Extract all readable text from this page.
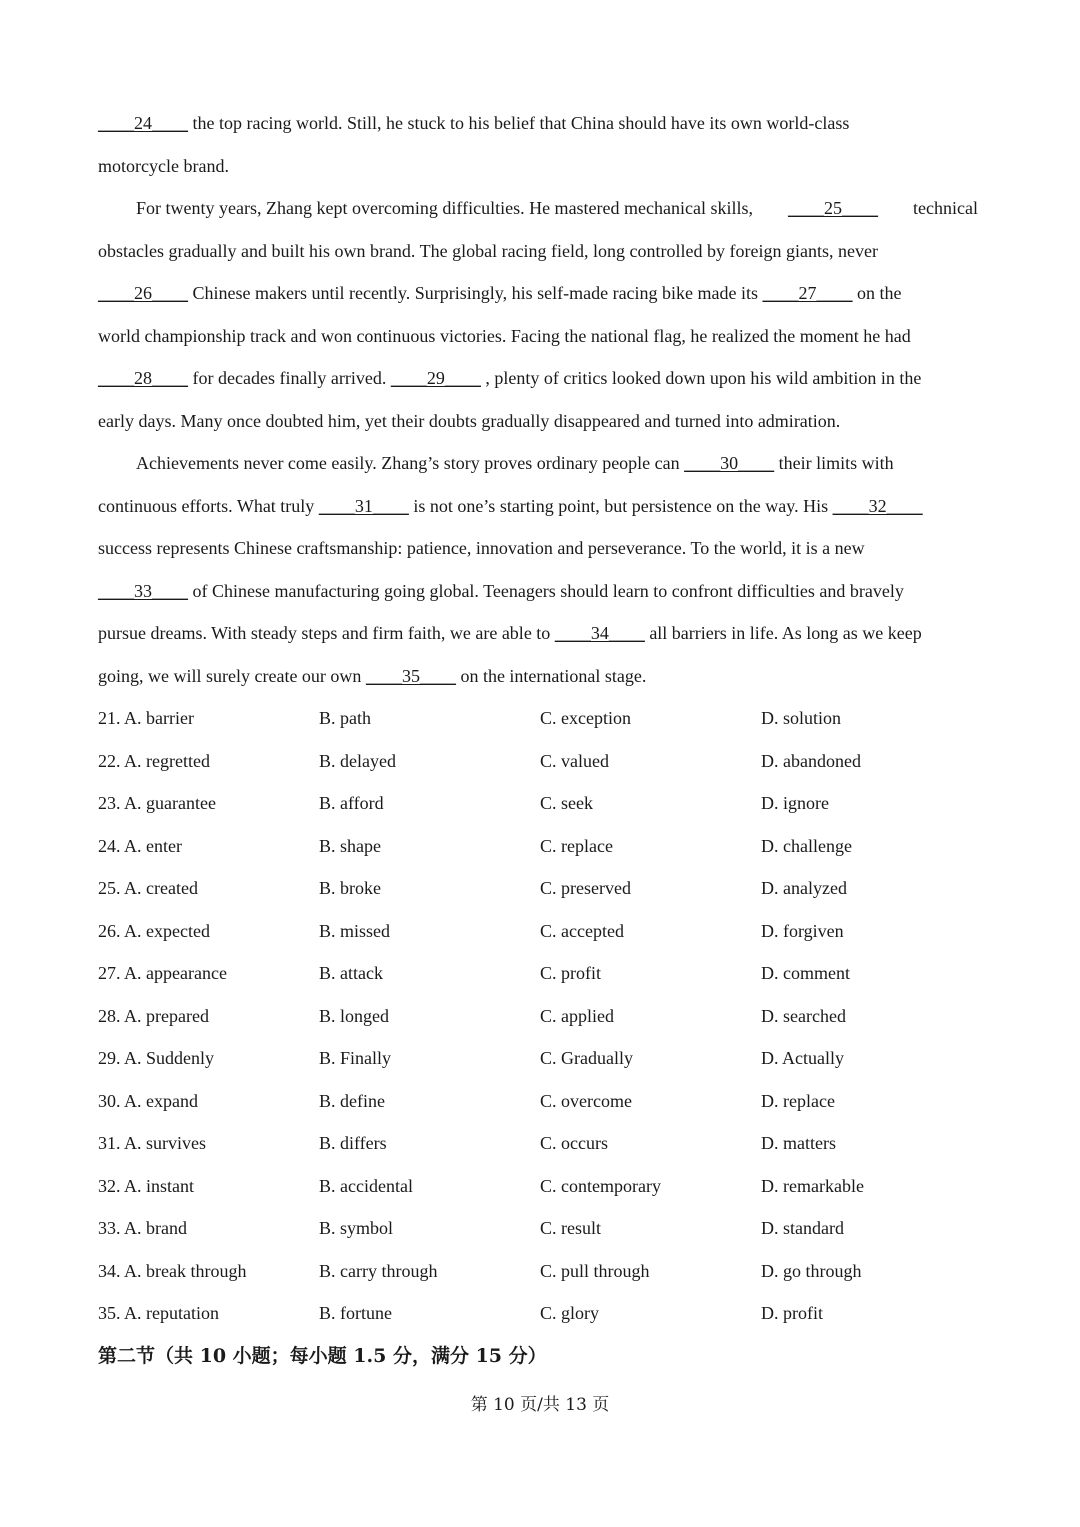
____24____ the top racing world. Still, he stuck to his belief that China should have its own world-class
motorcycle brand.
For twenty years, Zhang kept overcoming difficulties. He mastered mechanical skills, ____25____ technical
obstacles gradually and built his own brand. The global racing field, long controlled by foreign giants, never
____26____ Chinese makers until recently. Surprisingly, his self-made racing bike made its ____27____ on the
world championship track and won continuous victories. Facing the national flag, he realized the moment he had
____28____ for decades finally arrived. ____29____ , plenty of critics looked down upon his wild ambition in the
early days. Many once doubted him, yet their doubts gradually disappeared and turned into admiration.
Achievements never come easily. Zhang’s story proves ordinary people can ____30____ their limits with
continuous efforts. What truly ____31____ is not one’s starting point, but persistence on the way. His ____32____
success represents Chinese craftsmanship: patience, innovation and perseverance. To the world, it is a new
____33____ of Chinese manufacturing going global. Teenagers should learn to confront difficulties and bravely
pursue dreams. With steady steps and firm faith, we are able to ____34____ all barriers in life. As long as we keep
going, we will surely create our own ____35____ on the international stage.
21. A. barrier	B. path	C. exception	D. solution
22. A. regretted	B. delayed	C. valued	D. abandoned
23. A. guarantee	B. afford	C. seek	D. ignore
24. A. enter	B. shape	C. replace	D. challenge
25. A. created	B. broke	C. preserved	D. analyzed
26. A. expected	B. missed	C. accepted	D. forgiven
27. A. appearance	B. attack	C. profit	D. comment
28. A. prepared	B. longed	C. applied	D. searched
29. A. Suddenly	B. Finally	C. Gradually	D. Actually
30. A. expand	B. define	C. overcome	D. replace
31. A. survives	B. differs	C. occurs	D. matters
32. A. instant	B. accidental	C. contemporary	D. remarkable
33. A. brand	B. symbol	C. result	D. standard
34. A. break through	B. carry through	C. pull through	D. go through
35. A. reputation	B. fortune	C. glory	D. profit
第二节（共 10 小题；每小题 1.5 分，满分 15 分）
第 10 页/共 13 页
